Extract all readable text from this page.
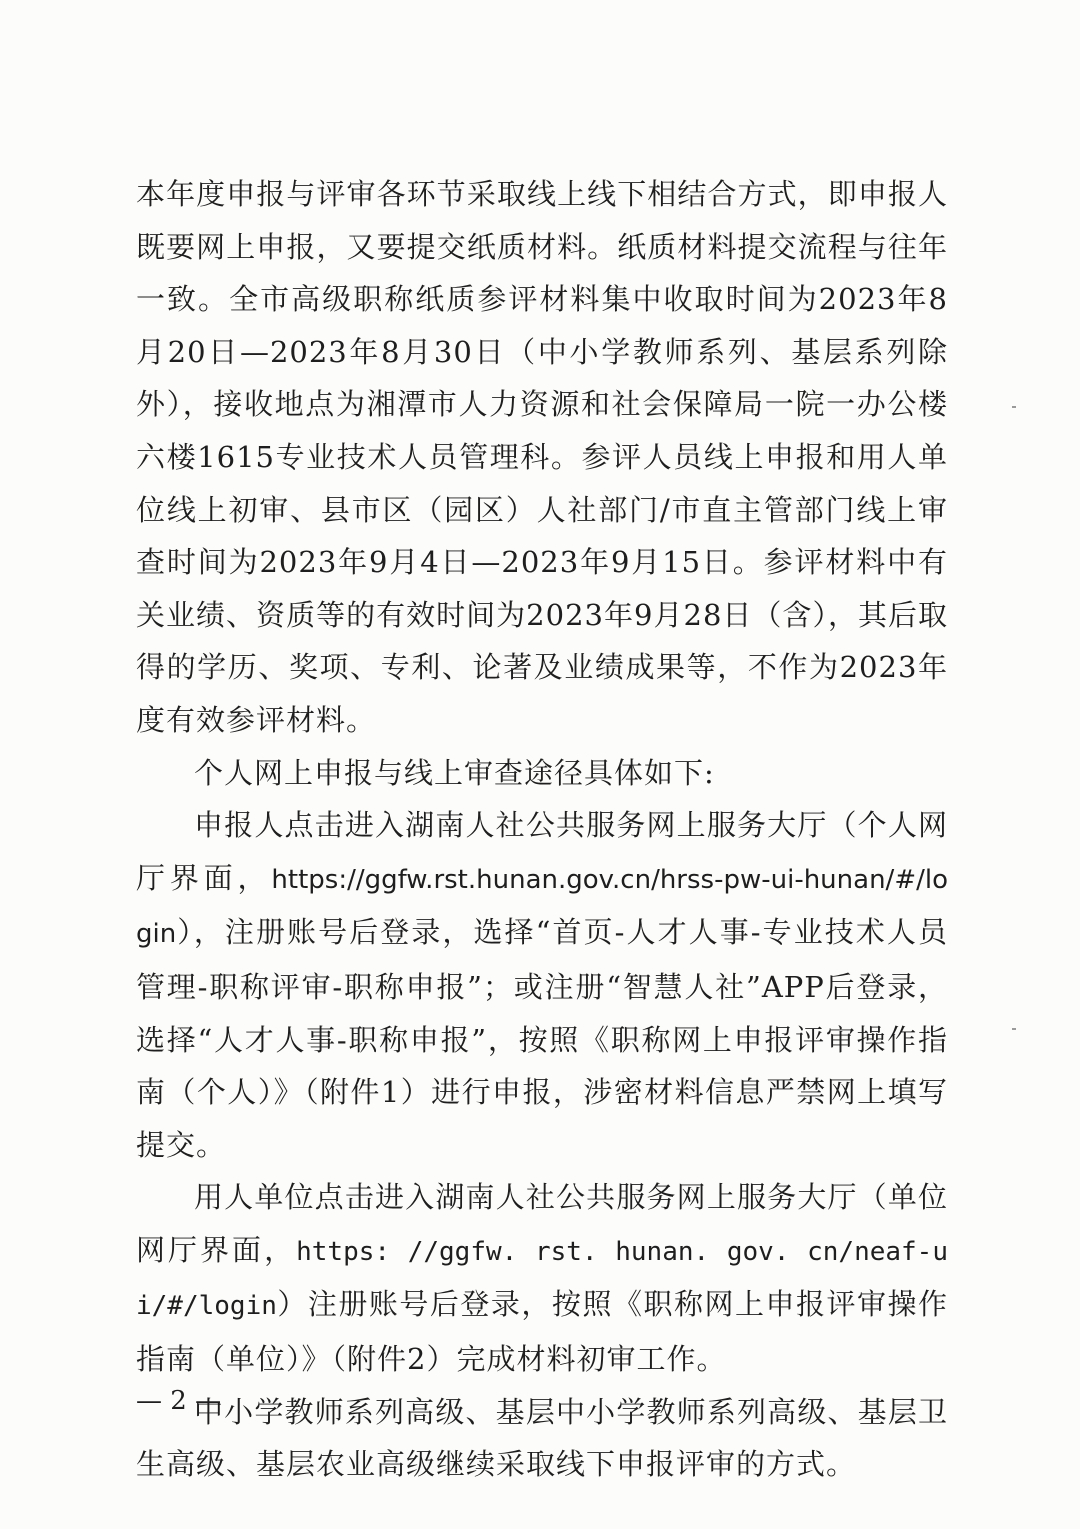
本年度申报与评审各环节采取线上线下相结合方式，即申报人既要网上申报，又要提交纸质材料。纸质材料提交流程与往年一致。全市高级职称纸质参评材料集中收取时间为2023年8月20日—2023年8月30日（中小学教师系列、基层系列除外），接收地点为湘潭市人力资源和社会保障局一院一办公楼六楼1615专业技术人员管理科。参评人员线上申报和用人单位线上初审、县市区（园区）人社部门/市直主管部门线上审查时间为2023年9月4日—2023年9月15日。参评材料中有关业绩、资质等的有效时间为2023年9月28日（含），其后取得的学历、奖项、专利、论著及业绩成果等，不作为2023年度有效参评材料。

个人网上申报与线上审查途径具体如下:

申报人点击进入湖南人社公共服务网上服务大厅（个人网厅界面，https://ggfw.rst.hunan.gov.cn/hrss-pw-ui-hunan/#/login），注册账号后登录，选择“首页-人才人事-专业技术人员管理-职称评审-职称申报”；或注册“智慧人社”APP后登录，选择“人才人事-职称申报”，按照《职称网上申报评审操作指南（个人）》（附件1）进行申报，涉密材料信息严禁网上填写提交。

用人单位点击进入湖南人社公共服务网上服务大厅（单位网厅界面，https: //ggfw. rst. hunan. gov. cn/neaf-ui/#/login）注册账号后登录，按照《职称网上申报评审操作指南（单位）》（附件2）完成材料初审工作。

中小学教师系列高级、基层中小学教师系列高级、基层卫生高级、基层农业高级继续采取线下申报评审的方式。

— 2 —
